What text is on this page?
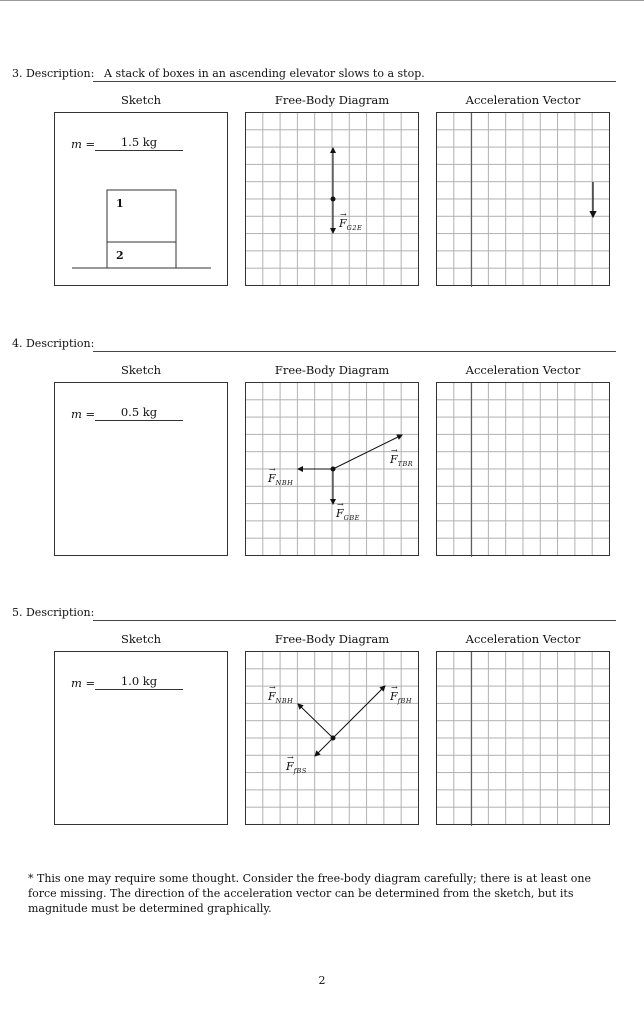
3. Description: A stack of boxes in an ascending elevator slows to a stop.
Sketch	Free-Body Diagram	Acceleration Vector
m =	1.5 kg
1
2
→ $F_{G2E}$
4. Description:
Sketch	Free-Body Diagram	Acceleration Vector
m =	0.5 kg
→ $F_{TBR}$
→ $F_{NBH}$
→ $F_{GBE}$
5. Description:
Sketch	Free-Body Diagram	Acceleration Vector
m =	1.0 kg
→ $F_{NBH}$
→	$F_{fBH}$
→ $F_{fBS}$
* This one may require some thought. Consider the free-body diagram carefully; there is at least one force missing. The direction of the acceleration vector can be determined from the sketch, but its magnitude must be determined graphically.
2
